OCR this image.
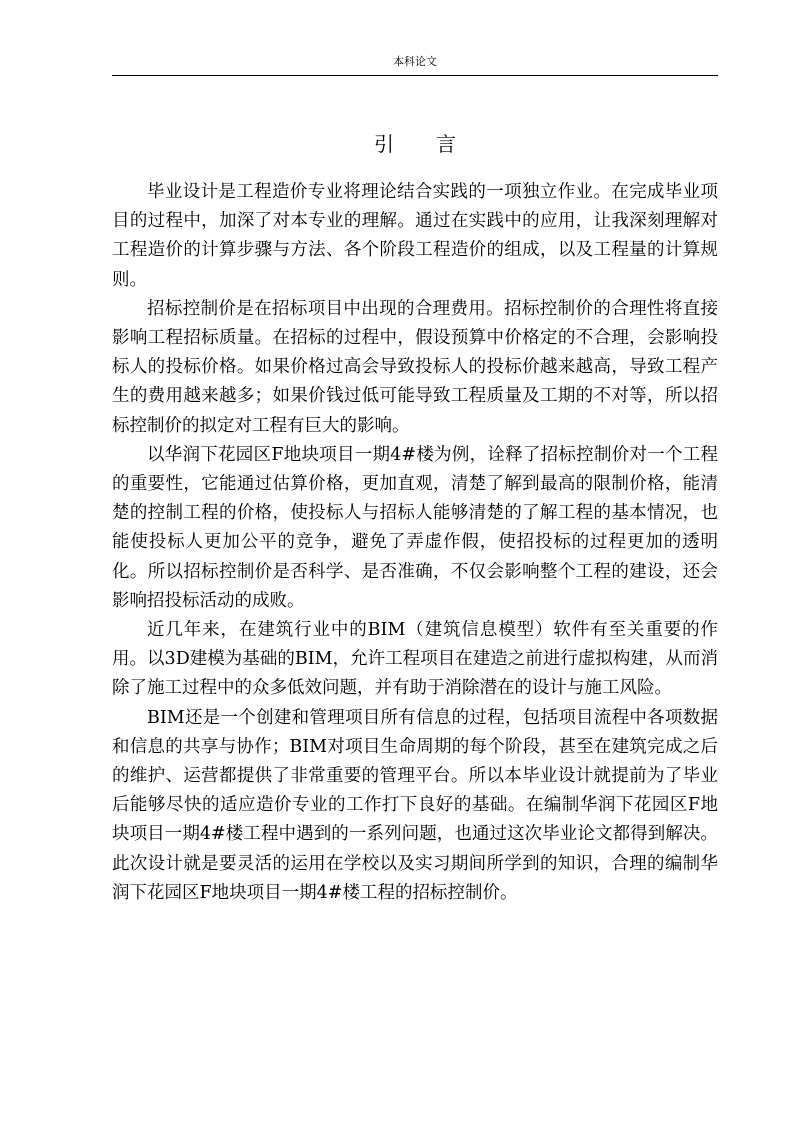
本科论文
引 言

毕业设计是工程造价专业将理论结合实践的一项独立作业。在完成毕业项目的过程中，加深了对本专业的理解。通过在实践中的应用，让我深刻理解对工程造价的计算步骤与方法、各个阶段工程造价的组成，以及工程量的计算规则。

招标控制价是在招标项目中出现的合理费用。招标控制价的合理性将直接影响工程招标质量。在招标的过程中，假设预算中价格定的不合理，会影响投标人的投标价格。如果价格过高会导致投标人的投标价越来越高，导致工程产生的费用越来越多；如果价钱过低可能导致工程质量及工期的不对等，所以招标控制价的拟定对工程有巨大的影响。

以华润下花园区F地块项目一期4#楼为例，诠释了招标控制价对一个工程的重要性，它能通过估算价格，更加直观，清楚了解到最高的限制价格，能清楚的控制工程的价格，使投标人与招标人能够清楚的了解工程的基本情况，也能使投标人更加公平的竞争，避免了弄虚作假，使招投标的过程更加的透明化。所以招标控制价是否科学、是否准确，不仅会影响整个工程的建设，还会影响招投标活动的成败。

近几年来，在建筑行业中的BIM（建筑信息模型）软件有至关重要的作用。以3D建模为基础的BIM，允许工程项目在建造之前进行虚拟构建，从而消除了施工过程中的众多低效问题，并有助于消除潜在的设计与施工风险。

BIM还是一个创建和管理项目所有信息的过程，包括项目流程中各项数据和信息的共享与协作；BIM对项目生命周期的每个阶段，甚至在建筑完成之后的维护、运营都提供了非常重要的管理平台。所以本毕业设计就提前为了毕业后能够尽快的适应造价专业的工作打下良好的基础。在编制华润下花园区F地块项目一期4#楼工程中遇到的一系列问题，也通过这次毕业论文都得到解决。此次设计就是要灵活的运用在学校以及实习期间所学到的知识，合理的编制华润下花园区F地块项目一期4#楼工程的招标控制价。
